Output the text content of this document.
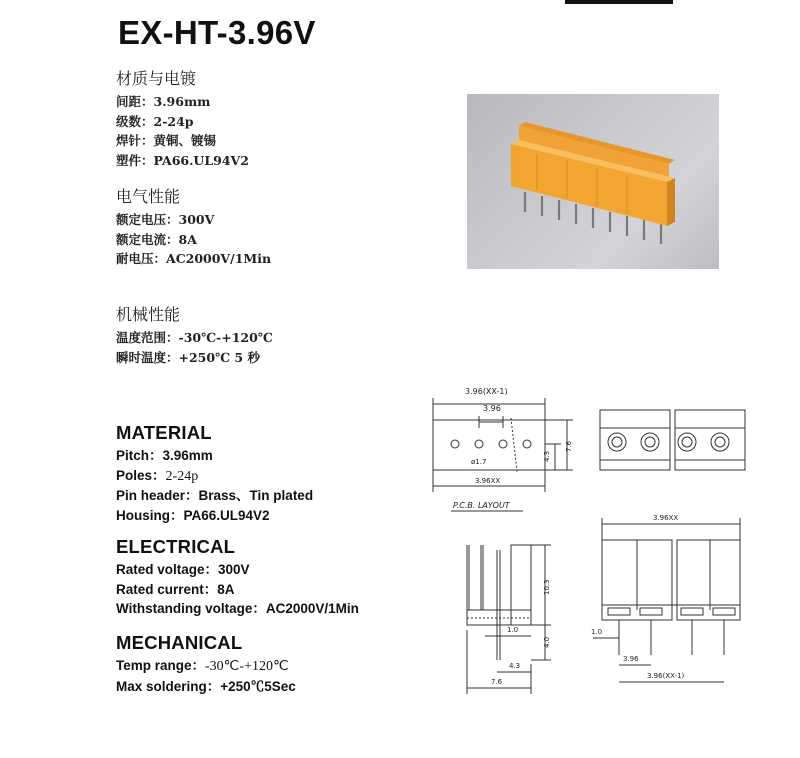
EX-HT-3.96V
材质与电镀
间距：3.96mm
级数：2-24p
焊针：黄铜、镀锡
塑件：PA66.UL94V2
电气性能
额定电压：300V
额定电流：8A
耐电压：AC2000V/1Min
机械性能
温度范围：-30℃-+120℃
瞬时温度：+250℃ 5 秒
MATERIAL
Pitch：3.96mm
Poles：2-24p
Pin header：Brass、Tin plated
Housing：PA66.UL94V2
ELECTRICAL
Rated voltage：300V
Rated current：8A
Withstanding voltage：AC2000V/1Min
MECHANICAL
Temp range：-30℃-+120℃
Max soldering：+250℃5Sec
3.96(XX-1)
3.96
ø1.7	4.3
7.6
3.96XX
P.C.B. LAYOUT
10.3
4.0
1.0
4.3
7.6
3.96XX
1.0
3.96
3.96(XX-1)
